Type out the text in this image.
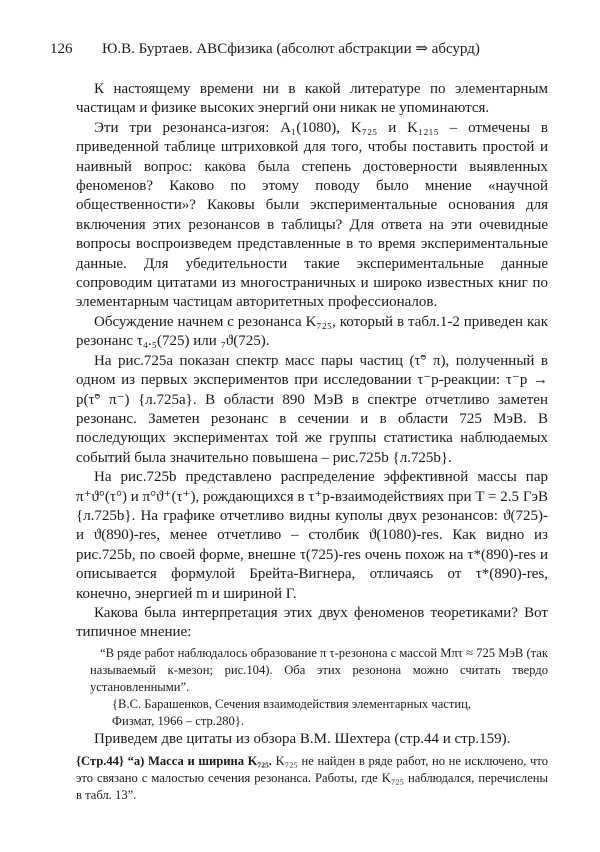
126 Ю.В. Буртаев. АВСфизика (абсолют абстракции ⇒ абсурд)

К настоящему времени ни в какой литературе по элементарным частицам и физике высоких энергий они никак не упоминаются.

Эти три резонанса-изгоя: A₁(1080), K₇₂₅ и K₁₂₁₅ – отмечены в приведенной таблице штриховкой для того, чтобы поставить простой и наивный вопрос: какова была степень достоверности выявленных феноменов? Каково по этому поводу было мнение «научной общественности»? Каковы были экспериментальные основания для включения этих резонансов в таблицы? Для ответа на эти очевидные вопросы воспроизведем представленные в то время экспериментальные данные. Для убедительности такие экспериментальные данные сопроводим цитатами из многостраничных и широко известных книг по элементарным частицам авторитетных профессионалов.

Обсуждение начнем с резонанса K₇₂₅, который в табл.1-2 приведен как резонанс τ₄.₅(725) или ₇ϑ(725).

На рис.725a показан спектр масс пары частиц (τ̃° π), полученный в одном из первых экспериментов при исследовании τ⁻p-реакции: τ⁻p → p(τ̃° π⁻) {л.725a}. В области 890 МэВ в спектре отчетливо заметен резонанс. Заметен резонанс в сечении и в области 725 МэВ. В последующих экспериментах той же группы статистика наблюдаемых событий была значительно повышена – рис.725b {л.725b}.

На рис.725b представлено распределение эффективной массы пар π⁺ϑ°(τ°) и π°ϑ⁺(τ⁺), рождающихся в τ⁺p-взаимодействиях при T = 2.5 ГэВ {л.725b}. На графике отчетливо видны куполы двух резонансов: ϑ(725)- и ϑ(890)-res, менее отчетливо – столбик ϑ(1080)-res. Как видно из рис.725b, по своей форме, внешне τ(725)-res очень похож на τ*(890)-res и описывается формулой Брейта-Вигнера, отличаясь от τ*(890)-res, конечно, энергией m и шириной Г.

Какова была интерпретация этих двух феноменов теоретиками? Вот типичное мнение:

“В ряде работ наблюдалось образование π τ-резонона с массой Mπτ ≈ 725 МэВ (так называемый к-мезон; рис.104). Оба этих резонона можно считать твердо установленными”.

{В.С. Барашенков, Сечения взаимодействия элементарных частиц,

Физмат, 1966 – стр.280}.

Приведем две цитаты из обзора В.М. Шехтера (стр.44 и стр.159).

{Стр.44} “а) Масса и ширина K₇₂₅. K₇₂₅ не найден в ряде работ, но не исключено, что это связано с малостью сечения резонанса. Работы, где K₇₂₅ наблюдался, перечислены в табл. 13”.
